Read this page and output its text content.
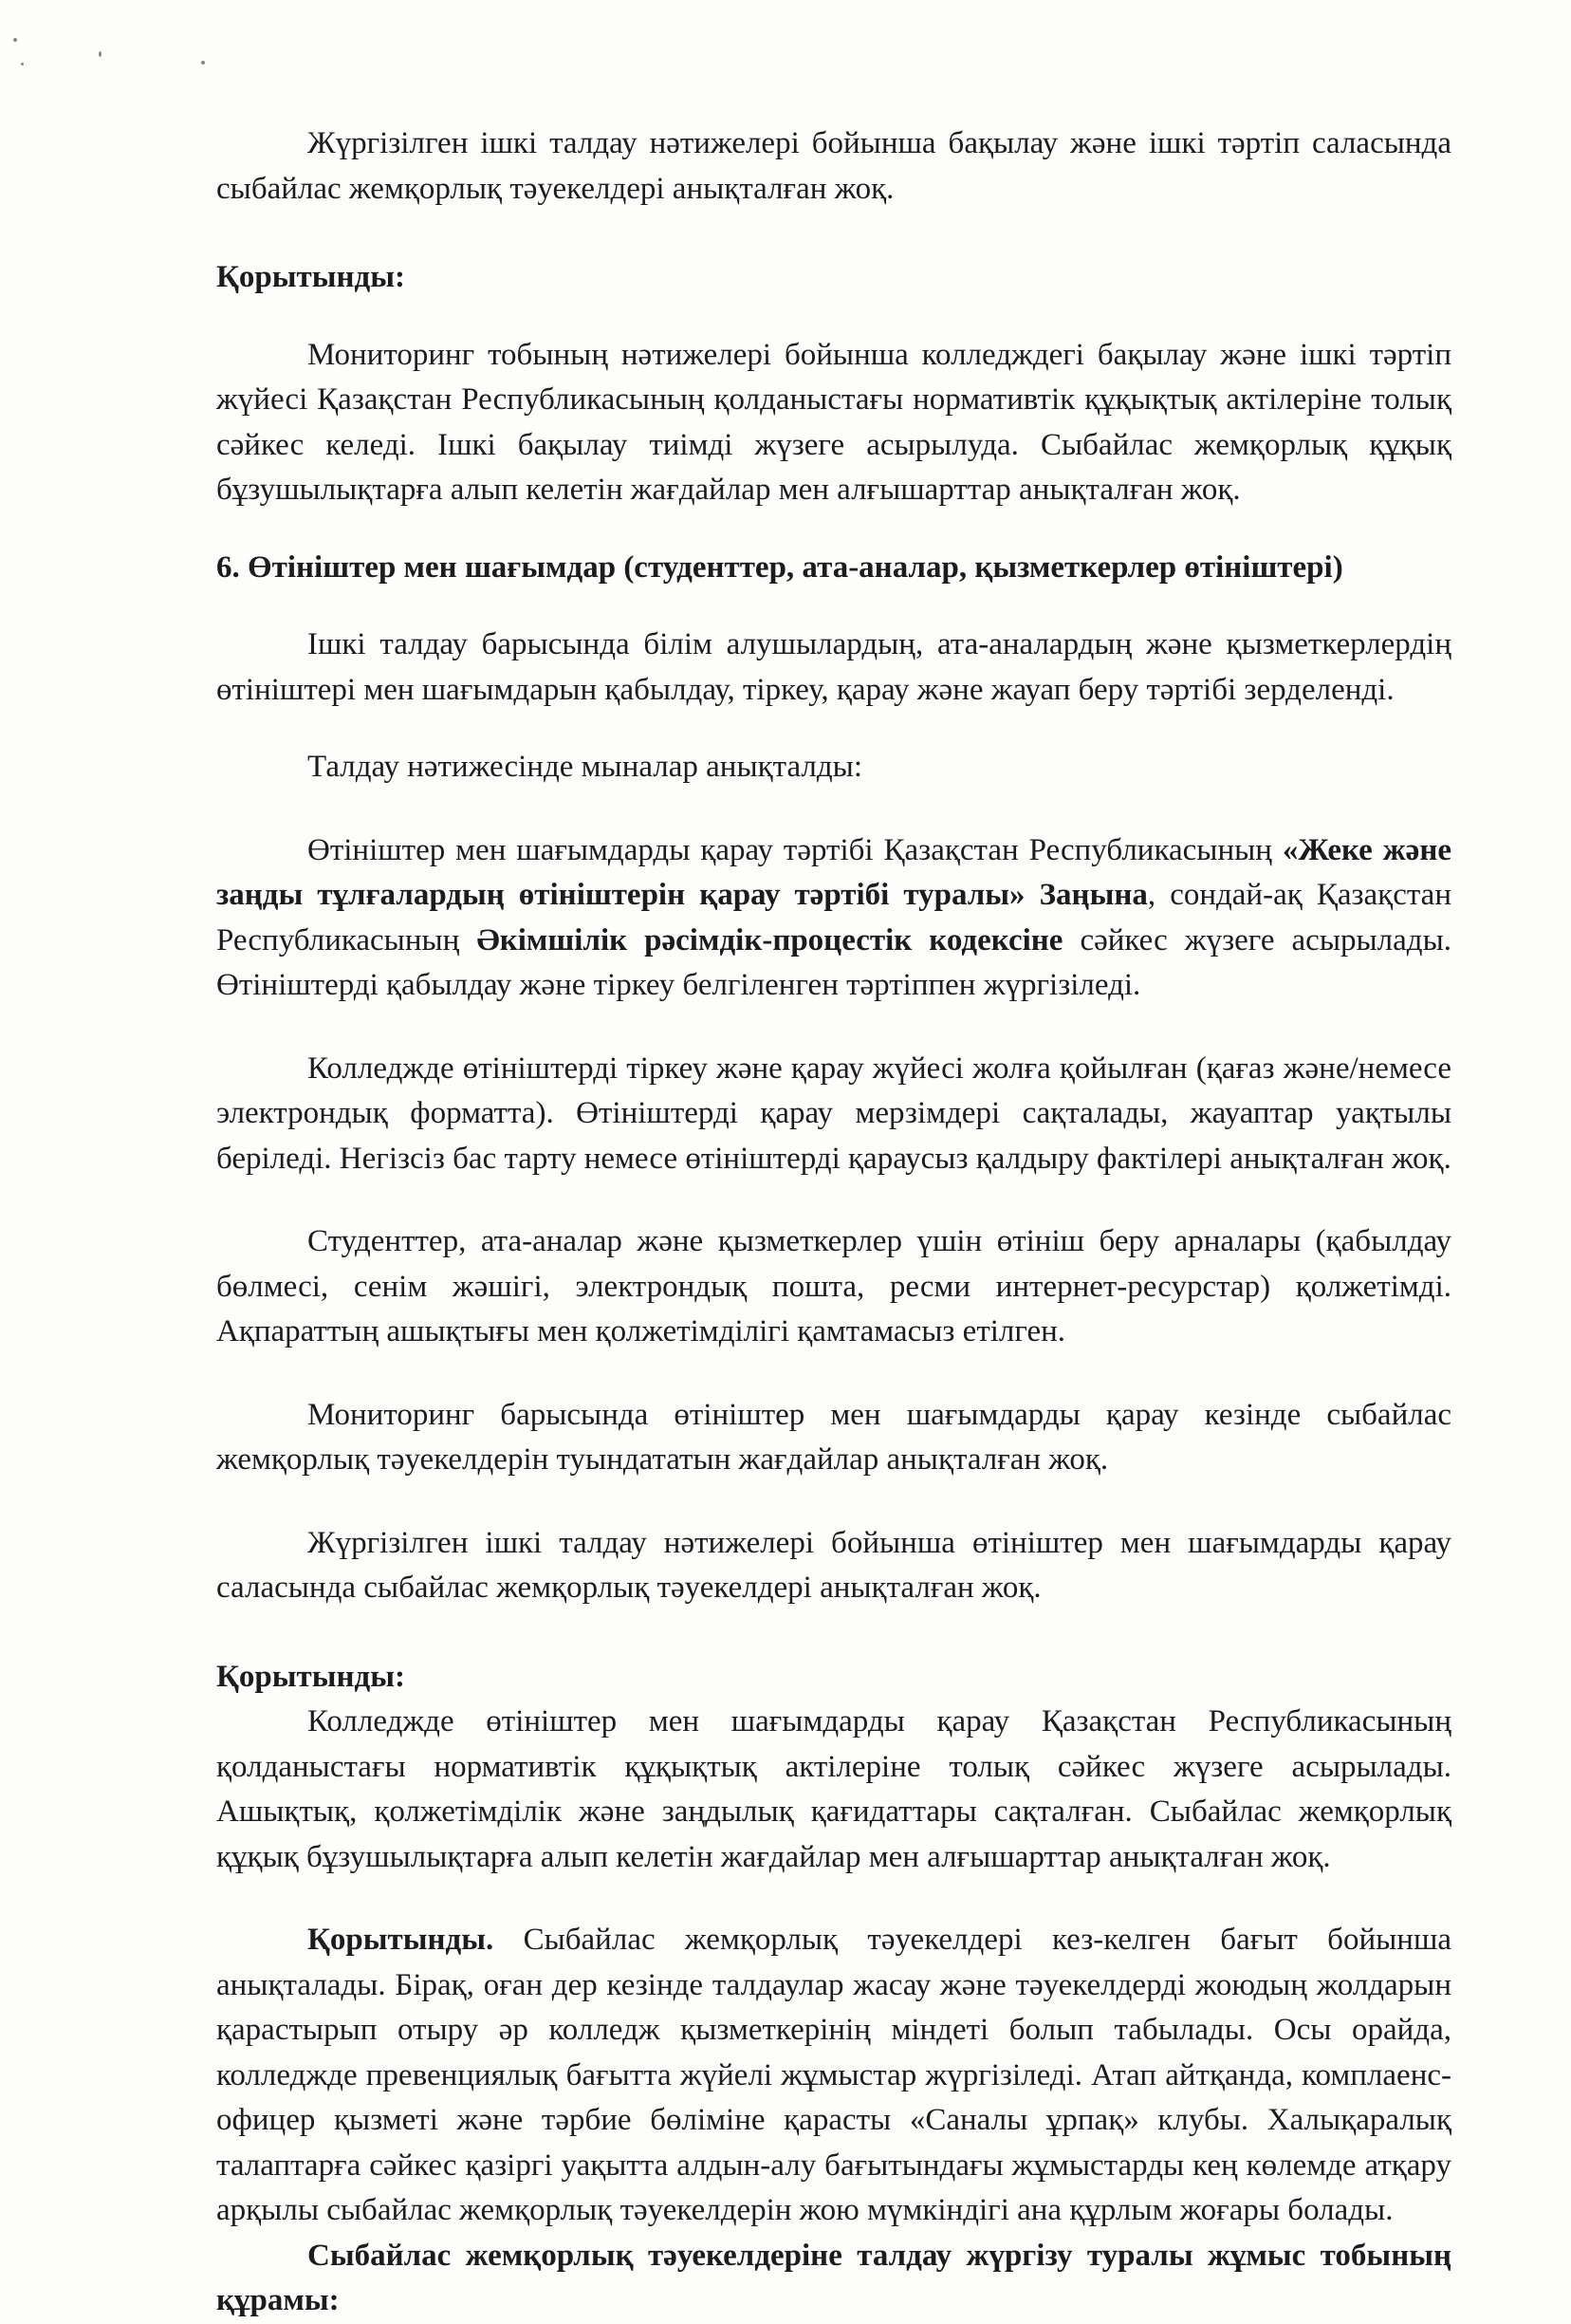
Жүргізілген ішкі талдау нәтижелері бойынша бақылау және ішкі тәртіп саласында сыбайлас жемқорлық тәуекелдері анықталған жоқ.

Қорытынды:

Мониторинг тобының нәтижелері бойынша колледждегі бақылау және ішкі тәртіп жүйесі Қазақстан Республикасының қолданыстағы нормативтік құқықтық актілеріне толық сәйкес келеді. Ішкі бақылау тиімді жүзеге асырылуда. Сыбайлас жемқорлық құқық бұзушылықтарға алып келетін жағдайлар мен алғышарттар анықталған жоқ.

6. Өтініштер мен шағымдар (студенттер, ата-аналар, қызметкерлер өтініштері)

Ішкі талдау барысында білім алушылардың, ата-аналардың және қызметкерлердің өтініштері мен шағымдарын қабылдау, тіркеу, қарау және жауап беру тәртібі зерделенді.

Талдау нәтижесінде мыналар анықталды:

Өтініштер мен шағымдарды қарау тәртібі Қазақстан Республикасының «Жеке және заңды тұлғалардың өтініштерін қарау тәртібі туралы» Заңына, сондай-ақ Қазақстан Республикасының Әкімшілік рәсімдік-процестік кодексіне сәйкес жүзеге асырылады. Өтініштерді қабылдау және тіркеу белгіленген тәртіппен жүргізіледі.

Колледжде өтініштерді тіркеу және қарау жүйесі жолға қойылған (қағаз және/немесе электрондық форматта). Өтініштерді қарау мерзімдері сақталады, жауаптар уақтылы беріледі. Негізсіз бас тарту немесе өтініштерді қараусыз қалдыру фактілері анықталған жоқ.

Студенттер, ата-аналар және қызметкерлер үшін өтініш беру арналары (қабылдау бөлмесі, сенім жәшігі, электрондық пошта, ресми интернет-ресурстар) қолжетімді. Ақпараттың ашықтығы мен қолжетімділігі қамтамасыз етілген.

Мониторинг барысында өтініштер мен шағымдарды қарау кезінде сыбайлас жемқорлық тәуекелдерін туындататын жағдайлар анықталған жоқ.

Жүргізілген ішкі талдау нәтижелері бойынша өтініштер мен шағымдарды қарау саласында сыбайлас жемқорлық тәуекелдері анықталған жоқ.

Қорытынды:

Колледжде өтініштер мен шағымдарды қарау Қазақстан Республикасының қолданыстағы нормативтік құқықтық актілеріне толық сәйкес жүзеге асырылады. Ашықтық, қолжетімділік және заңдылық қағидаттары сақталған. Сыбайлас жемқорлық құқық бұзушылықтарға алып келетін жағдайлар мен алғышарттар анықталған жоқ.

Қорытынды. Сыбайлас жемқорлық тәуекелдері кез-келген бағыт бойынша анықталады. Бірақ, оған дер кезінде талдаулар жасау және тәуекелдерді жоюдың жолдарын қарастырып отыру әр колледж қызметкерінің міндеті болып табылады. Осы орайда, колледжде превенциялық бағытта жүйелі жұмыстар жүргізіледі. Атап айтқанда, комплаенс-офицер қызметі және тәрбие бөліміне қарасты «Саналы ұрпақ» клубы. Халықаралық талаптарға сәйкес қазіргі уақытта алдын-алу бағытындағы жұмыстарды кең көлемде атқару арқылы сыбайлас жемқорлық тәуекелдерін жою мүмкіндігі ана құрлым жоғары болады.

Сыбайлас жемқорлық тәуекелдеріне талдау жүргізу туралы жұмыс тобының құрамы:
